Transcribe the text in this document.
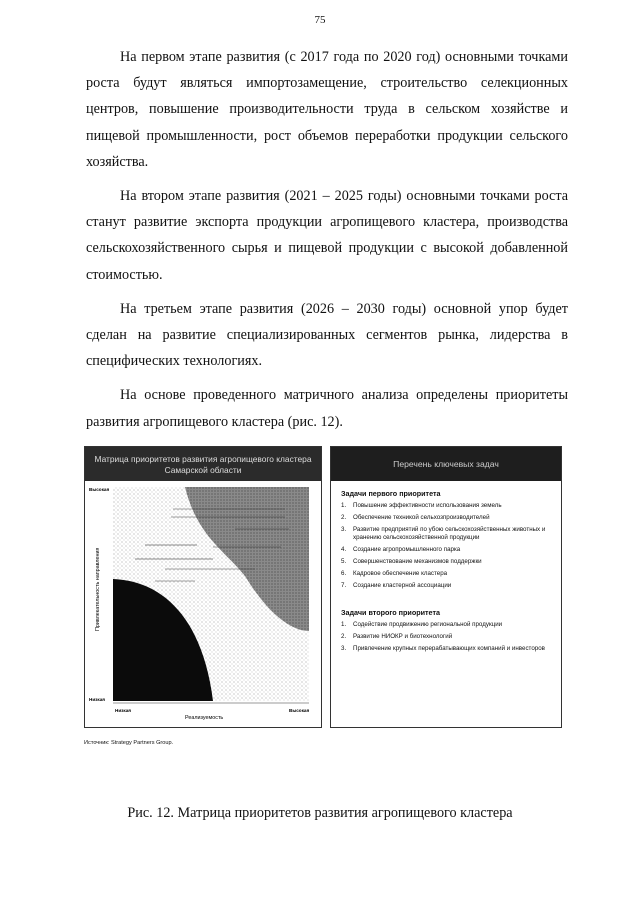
75

На первом этапе развития (с 2017 года по 2020 год) основными точками роста будут являться импортозамещение, строительство селекционных центров, повышение производительности труда в сельском хозяйстве и пищевой промышленности, рост объемов переработки продукции сельского хозяйства.

На втором этапе развития (2021 – 2025 годы) основными точками роста станут развитие экспорта продукции агропищевого кластера, производства сельскохозяйственного сырья и пищевой продукции с высокой добавленной стоимостью.

На третьем этапе развития (2026 – 2030 годы) основной упор будет сделан на развитие специализированных сегментов рынка, лидерства в специфических технологиях.

На основе проведенного матричного анализа определены приоритеты развития агропищевого кластера (рис. 12).

Матрица приоритетов развития агропищевого кластера
Самарской области
Высокая
Низкая
Привлекательность направления
Низкая	Высокая
Реализуемость
Источник: Strategy Partners Group.
Перечень ключевых задач
Задачи первого приоритета
1.	Повышение эффективности использования земель
2.	Обеспечение техникой сельхозпроизводителей
3.	Развитие предприятий по убою сельскохозяйственных животных и хранению сельскохозяйственной продукции
4.	Создание агропромышленного парка
5.	Совершенствование механизмов поддержки
6.	Кадровое обеспечение кластера
7.	Создание кластерной ассоциации
Задачи второго приоритета
1.	Содействие продвижению региональной продукции
2.	Развитие НИОКР и биотехнологий
3.	Привлечение крупных перерабатывающих компаний и инвесторов
Рис. 12. Матрица приоритетов развития агропищевого кластера
